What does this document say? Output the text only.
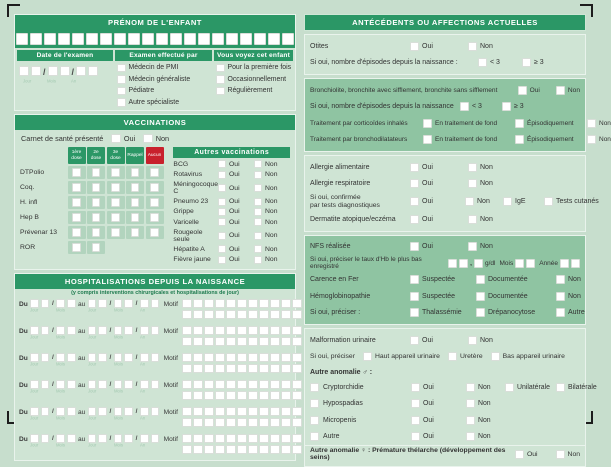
PRÉNOM DE L'ENFANT
Date de l'examen
/	/
Jour	Mois	An
Examen effectué par
Médecin de PMI
Médecin généraliste
Pédiatre
Autre spécialiste
Vous voyez cet enfant
Pour la première fois
Occasionnellement
Régulièrement
VACCINATIONS
Carnet de santé présenté	Oui	Non
1ère
dose
2e
dose
3e
dose
Rappel	Aucun
DTPolio
Coq.
H. infl
Hep B
Prévenar 13
ROR
Autres vaccinations
BCG	Oui	Non
Rotavirus	Oui	Non
Méningocoque C	Oui	Non
Pneumo 23	Oui	Non
Grippe	Oui	Non
Varicelle	Oui	Non
Rougeole seule	Oui	Non
Hépatite A	Oui	Non
Fièvre jaune	Oui	Non
HOSPITALISATIONS DEPUIS LA NAISSANCE
(y compris interventions chirurgicales et hospitalisations de jour)
Du
Jour
/
Mois
au
Jour
/
Mois
/
An
Motif
Du
Jour
/
Mois
au
Jour
/
Mois
/
An
Motif
Du
Jour
/
Mois
au
Jour
/
Mois
/
An
Motif
Du
Jour
/
Mois
au
Jour
/
Mois
/
An
Motif
Du
Jour
/
Mois
au
Jour
/
Mois
/
An
Motif
Du
Jour
/
Mois
au
Jour
/
Mois
/
An
Motif
ANTÉCÉDENTS OU AFFECTIONS ACTUELLES
Otites	Oui	Non
Si oui, nombre d'épisodes depuis la naissance :	< 3	≥ 3
Bronchiolite, bronchite avec sifflement, bronchite sans sifflement	Oui	Non
Si oui, nombre d'épisodes depuis la naissance	< 3	≥ 3
Traitement par corticoïdes inhalés	En traitement de fond	Épisodiquement	Non
Traitement par bronchodilatateurs	En traitement de fond	Épisodiquement	Non
Allergie alimentaire	Oui	Non
Allergie respiratoire	Oui	Non
Si oui, confirmée
par tests diagnostiques	Oui	Non	IgE	Tests cutanés
Dermatite atopique/eczéma	Oui	Non
NFS réalisée	Oui	Non
Si oui, préciser le taux d'Hb le plus bas enregistré	, g/dl Mois	Année
Carence en Fer	Suspectée	Documentée	Non
Hémoglobinopathie	Suspectée	Documentée	Non
Si oui, préciser :	Thalassémie	Drépanocytose	Autre
Malformation urinaire	Oui	Non
Si oui, préciser	Haut appareil urinaire	Uretère	Bas appareil urinaire
Autre anomalie ♂ :
Cryptorchidie	Oui	Non	Unilatérale	Bilatérale
Hypospadias	Oui	Non
Micropenis	Oui	Non
Autre	Oui	Non
Autre anomalie ♀ : Prémature thélarche (développement des seins)	Oui	Non
